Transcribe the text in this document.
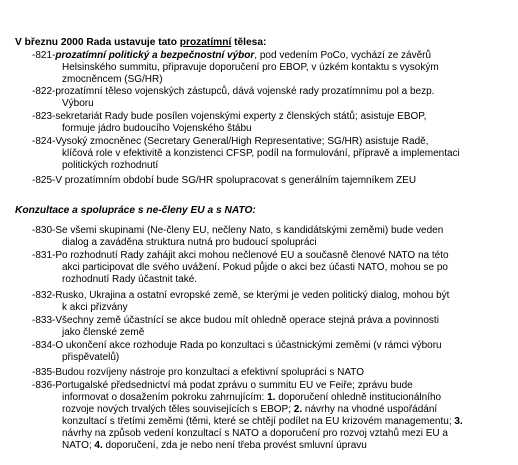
V březnu 2000 Rada ustavuje tato prozatímní tělesa:
-821-prozatímní politický a bezpečnostní výbor, pod vedením PoCo, vychází ze závěrů
Helsinského summitu, připravuje doporučení pro EBOP, v úzkém kontaktu s vysokým
zmocněncem (SG/HR)
-822-prozatímní těleso vojenských zástupců, dává vojenské rady prozatímnímu pol a bezp.
Výboru
-823-sekretariát Rady bude posílen vojenskými experty z členských států; asistuje EBOP,
formuje jádro budoucího Vojenského štábu
-824-Vysoký zmocněnec (Secretary General/High Representative; SG/HR) asistuje Radě,
klíčová role v efektivitě a konzistenci CFSP, podíl na formulování, přípravě a implementaci
politických rozhodnutí
-825-V prozatímním období bude SG/HR spolupracovat s generálním tajemníkem ZEU
Konzultace a spolupráce s ne-členy EU a s NATO:
-830-Se všemi skupinami (Ne-členy EU, nečleny Nato, s kandidátskými zeměmi) bude veden
dialog a zaváděna struktura nutná pro budoucí spolupráci
-831-Po rozhodnutí Rady zahájit akci mohou nečlenové EU a současně členové NATO na této
akci participovat dle svého uvážení. Pokud půjde o akci bez účasti NATO, mohou se po
rozhodnutí Rady účastnit také.
-832-Rusko, Ukrajina a ostatní evropské země, se kterými je veden politický dialog, mohou být
k akci přizvány
-833-Všechny země účastnící se akce budou mít ohledně operace stejná práva a povinnosti
jako členské země
-834-O ukončení akce rozhoduje Rada po konzultaci s účastnickými zeměmi (v rámci výboru
přispěvatelů)
-835-Budou rozvíjeny nástroje pro konzultaci a efektivní spolupráci s NATO
-836-Portugalské předsednictví má podat zprávu o summitu EU ve Feiře; zprávu bude
informovat o dosažením pokroku zahrnujícím: 1. doporučení ohledně institucionálního
rozvoje nových trvalých těles souvisejících s EBOP; 2. návrhy na vhodné uspořádání
konzultací s třetími zeměmi (těmi, které se chtějí podílet na EU krizovém managementu; 3.
návrhy na způsob vedení konzultací s NATO a doporučení pro rozvoj vztahů mezi EU a
NATO; 4. doporučení, zda je nebo není třeba provést smluvní úpravu
